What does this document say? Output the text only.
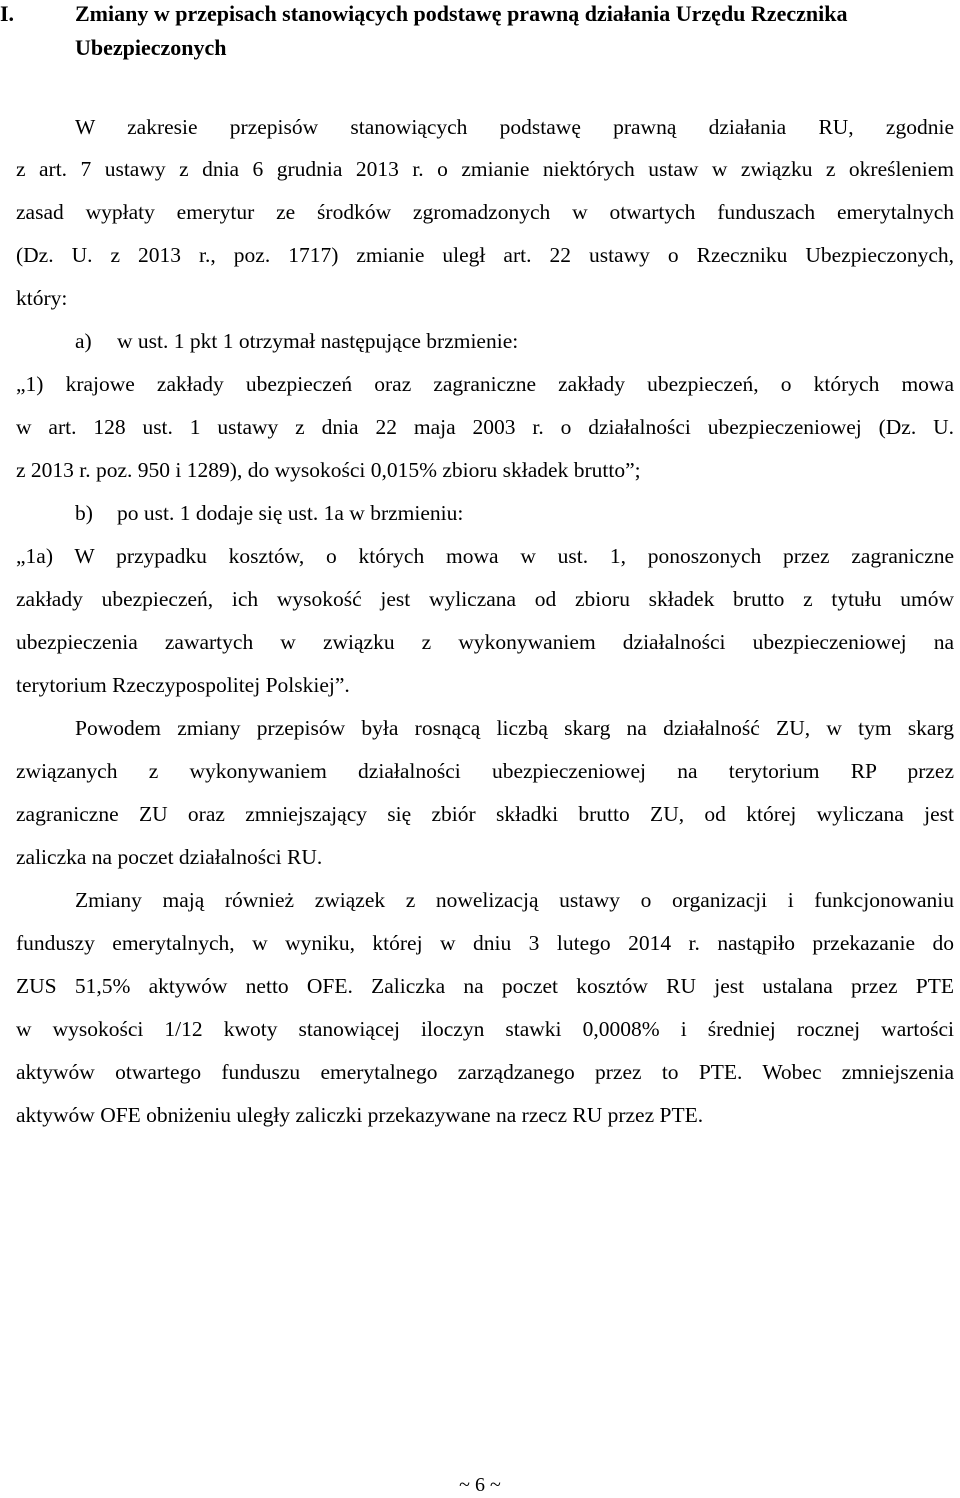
I.	Zmiany w przepisach stanowiących podstawę prawną działania Urzędu Rzecznika Ubezpieczonych
W zakresie przepisów stanowiących podstawę prawną działania RU, zgodnie
z art. 7 ustawy z dnia 6 grudnia 2013 r. o zmianie niektórych ustaw w związku z określeniem
zasad wypłaty emerytur ze środków zgromadzonych w otwartych funduszach emerytalnych
(Dz. U. z 2013 r., poz. 1717) zmianie uległ art. 22 ustawy o Rzeczniku Ubezpieczonych,
który:
a) w ust. 1 pkt 1 otrzymał następujące brzmienie:
„1) krajowe zakłady ubezpieczeń oraz zagraniczne zakłady ubezpieczeń, o których mowa
w art. 128 ust. 1 ustawy z dnia 22 maja 2003 r. o działalności ubezpieczeniowej (Dz. U.
z 2013 r. poz. 950 i 1289), do wysokości 0,015% zbioru składek brutto”;
b) po ust. 1 dodaje się ust. 1a w brzmieniu:
„1a) W przypadku kosztów, o których mowa w ust. 1, ponoszonych przez zagraniczne
zakłady ubezpieczeń, ich wysokość jest wyliczana od zbioru składek brutto z tytułu umów
ubezpieczenia zawartych w związku z wykonywaniem działalności ubezpieczeniowej na
terytorium Rzeczypospolitej Polskiej”.
Powodem zmiany przepisów była rosnącą liczbą skarg na działalność ZU, w tym skarg
związanych z wykonywaniem działalności ubezpieczeniowej na terytorium RP przez
zagraniczne ZU oraz zmniejszający się zbiór składki brutto ZU, od której wyliczana jest
zaliczka na poczet działalności RU.
Zmiany mają również związek z nowelizacją ustawy o organizacji i funkcjonowaniu
funduszy emerytalnych, w wyniku, której w dniu 3 lutego 2014 r. nastąpiło przekazanie do
ZUS 51,5% aktywów netto OFE. Zaliczka na poczet kosztów RU jest ustalana przez PTE
w wysokości 1/12 kwoty stanowiącej iloczyn stawki 0,0008% i średniej rocznej wartości
aktywów otwartego funduszu emerytalnego zarządzanego przez to PTE. Wobec zmniejszenia
aktywów OFE obniżeniu uległy zaliczki przekazywane na rzecz RU przez PTE.
~ 6 ~
